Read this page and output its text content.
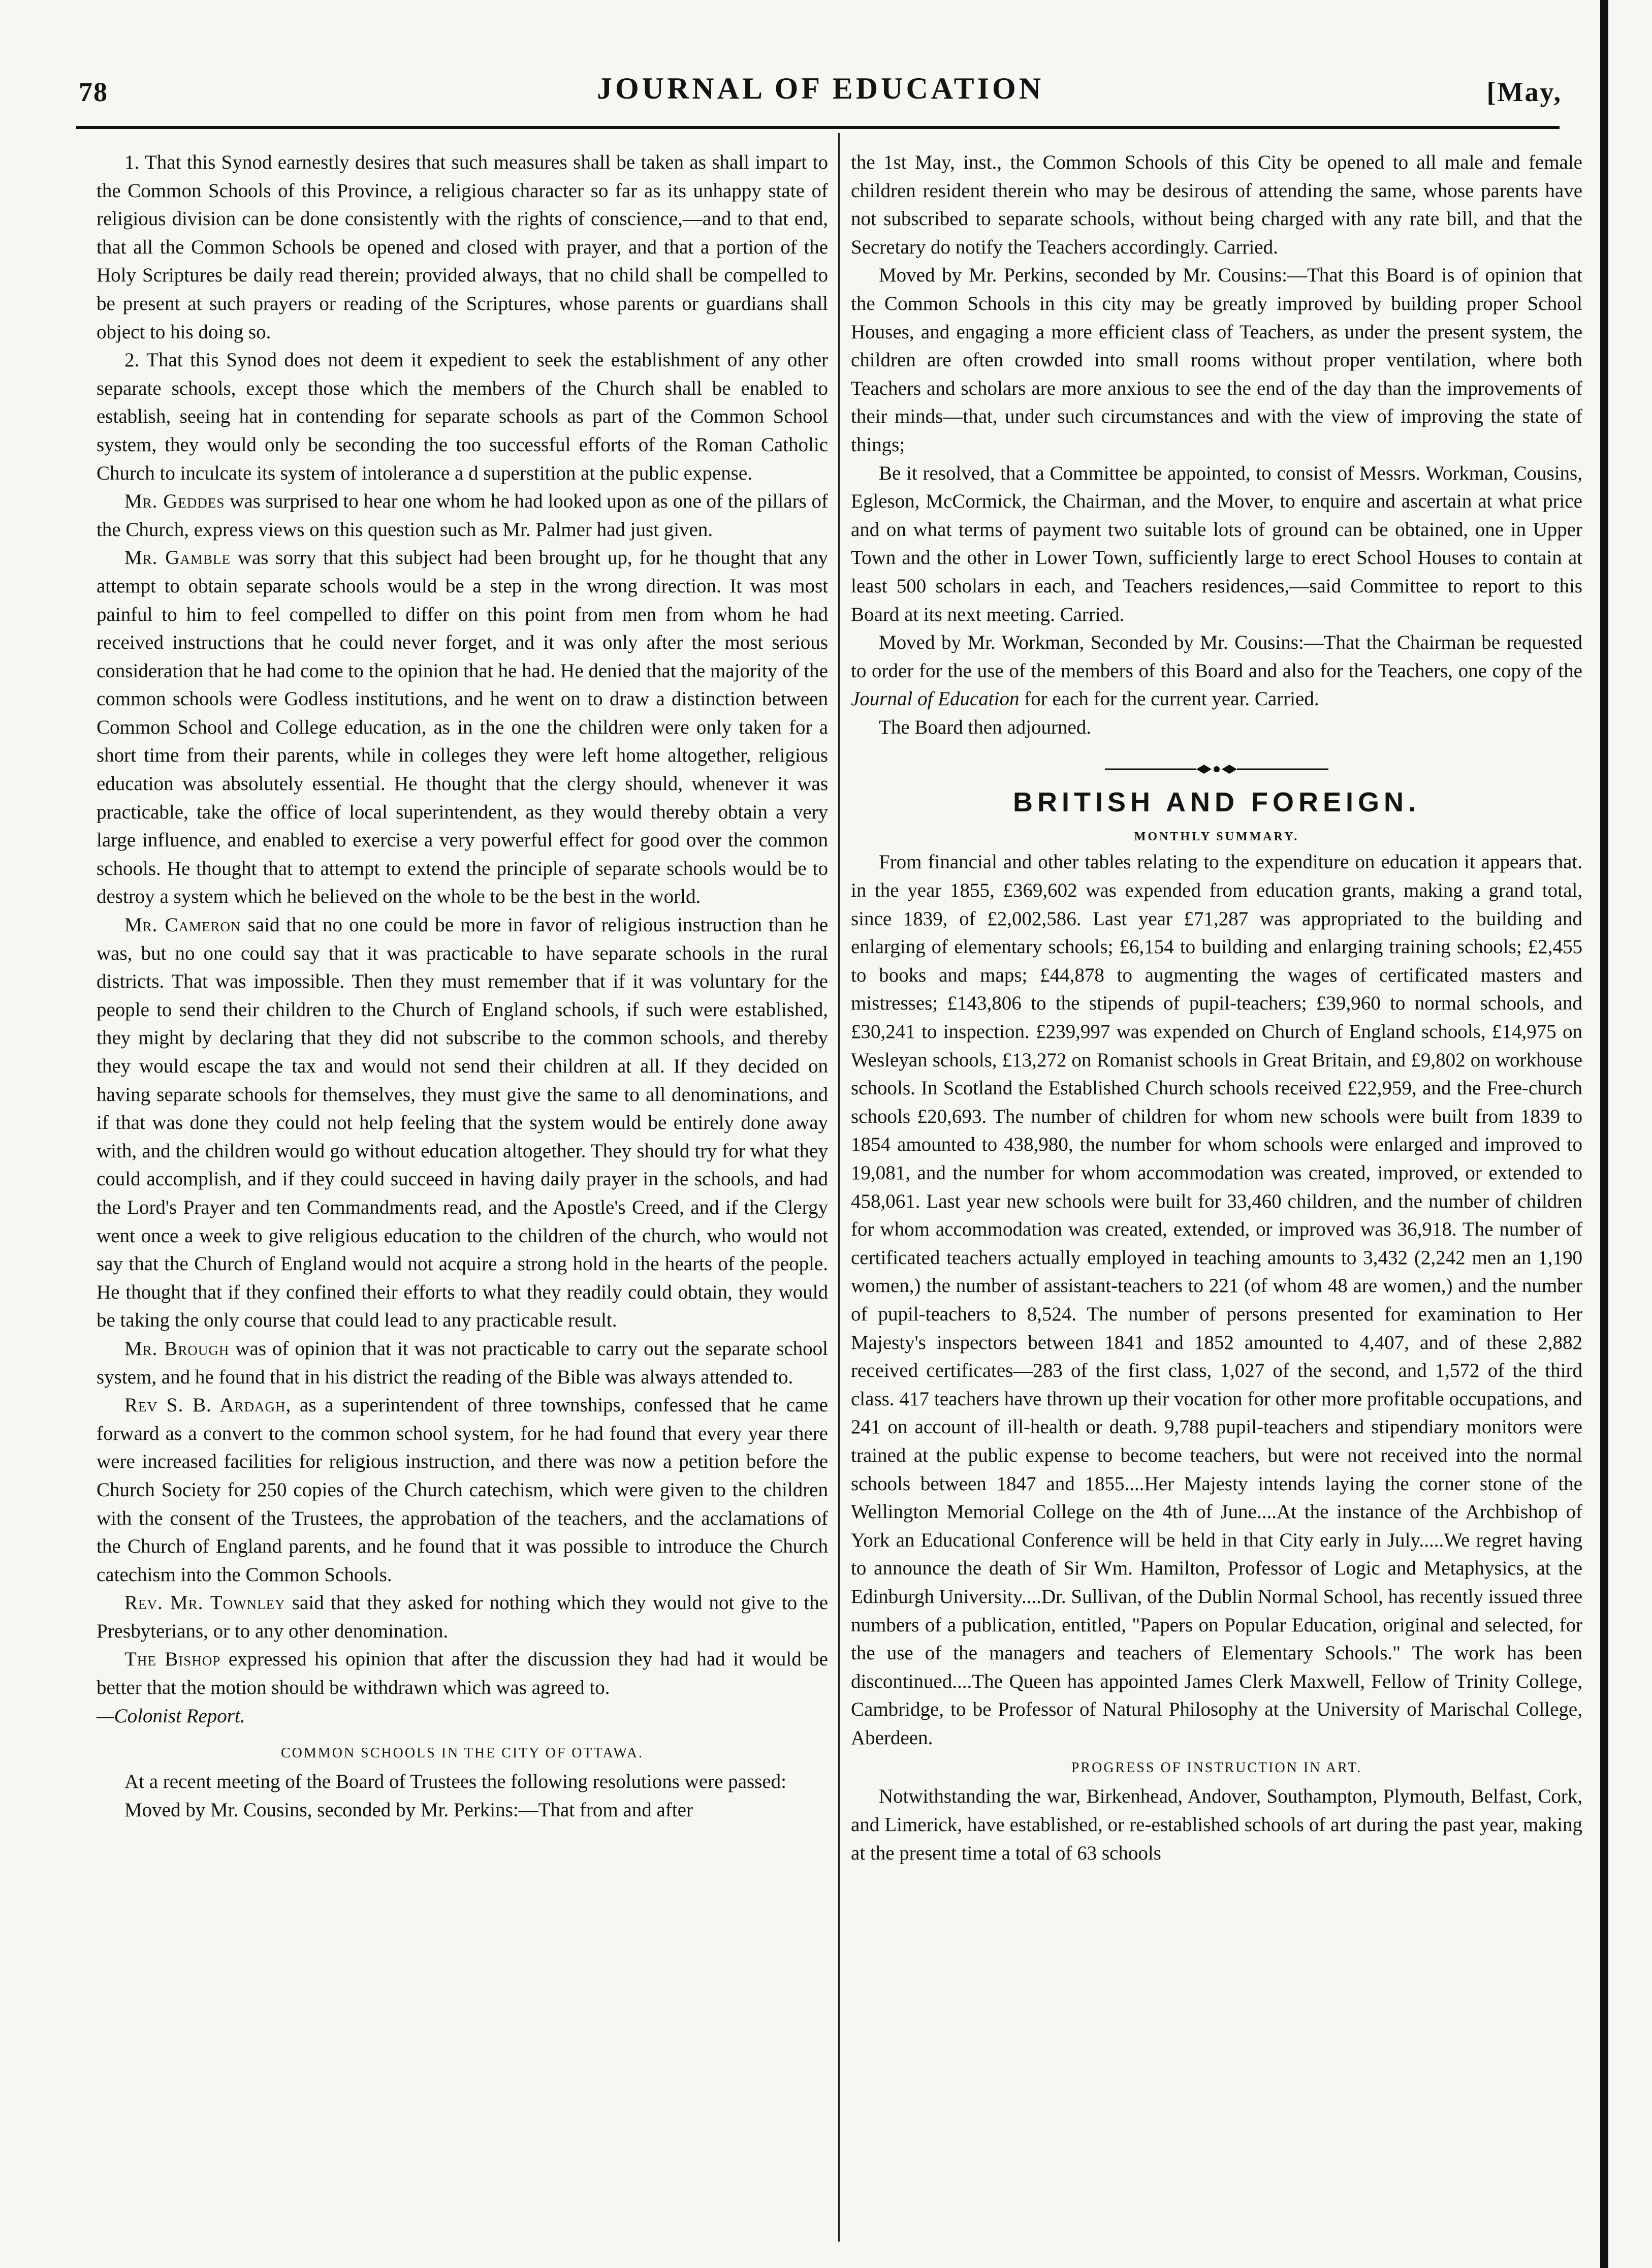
78	JOURNAL OF EDUCATION	[May,

1. That this Synod earnestly desires that such measures shall be taken as shall impart to the Common Schools of this Province, a religious character so far as its unhappy state of religious division can be done consistently with the rights of conscience,—and to that end, that all the Common Schools be opened and closed with prayer, and that a portion of the Holy Scriptures be daily read therein; provided always, that no child shall be compelled to be present at such prayers or reading of the Scriptures, whose parents or guardians shall object to his doing so.

2. That this Synod does not deem it expedient to seek the establishment of any other separate schools, except those which the members of the Church shall be enabled to establish, seeing hat in contending for separate schools as part of the Common School system, they would only be seconding the too successful efforts of the Roman Catholic Church to inculcate its system of intolerance a d superstition at the public expense.

Mr. Geddes was surprised to hear one whom he had looked upon as one of the pillars of the Church, express views on this question such as Mr. Palmer had just given.

Mr. Gamble was sorry that this subject had been brought up, for he thought that any attempt to obtain separate schools would be a step in the wrong direction. It was most painful to him to feel compelled to differ on this point from men from whom he had received instructions that he could never forget, and it was only after the most serious consideration that he had come to the opinion that he had. He denied that the majority of the common schools were Godless institutions, and he went on to draw a distinction between Common School and College education, as in the one the children were only taken for a short time from their parents, while in colleges they were left home altogether, religious education was absolutely essential. He thought that the clergy should, whenever it was practicable, take the office of local superintendent, as they would thereby obtain a very large influence, and enabled to exercise a very powerful effect for good over the common schools. He thought that to attempt to extend the principle of separate schools would be to destroy a system which he believed on the whole to be the best in the world.

Mr. Cameron said that no one could be more in favor of religious instruction than he was, but no one could say that it was practicable to have separate schools in the rural districts. That was impossible. Then they must remember that if it was voluntary for the people to send their children to the Church of England schools, if such were established, they might by declaring that they did not subscribe to the common schools, and thereby they would escape the tax and would not send their children at all. If they decided on having separate schools for themselves, they must give the same to all denominations, and if that was done they could not help feeling that the system would be entirely done away with, and the children would go without education altogether. They should try for what they could accomplish, and if they could succeed in having daily prayer in the schools, and had the Lord's Prayer and ten Commandments read, and the Apostle's Creed, and if the Clergy went once a week to give religious education to the children of the church, who would not say that the Church of England would not acquire a strong hold in the hearts of the people. He thought that if they confined their efforts to what they readily could obtain, they would be taking the only course that could lead to any practicable result.

Mr. Brough was of opinion that it was not practicable to carry out the separate school system, and he found that in his district the reading of the Bible was always attended to.

Rev S. B. Ardagh, as a superintendent of three townships, confessed that he came forward as a convert to the common school system, for he had found that every year there were increased facilities for religious instruction, and there was now a petition before the Church Society for 250 copies of the Church catechism, which were given to the children with the consent of the Trustees, the approbation of the teachers, and the acclamations of the Church of England parents, and he found that it was possible to introduce the Church catechism into the Common Schools.

Rev. Mr. Townley said that they asked for nothing which they would not give to the Presbyterians, or to any other denomination.

The Bishop expressed his opinion that after the discussion they had had it would be better that the motion should be withdrawn which was agreed to.

—Colonist Report.

COMMON SCHOOLS IN THE CITY OF OTTAWA.

At a recent meeting of the Board of Trustees the following resolutions were passed:

Moved by Mr. Cousins, seconded by Mr. Perkins:—That from and after

the 1st May, inst., the Common Schools of this City be opened to all male and female children resident therein who may be desirous of attending the same, whose parents have not subscribed to separate schools, without being charged with any rate bill, and that the Secretary do notify the Teachers accordingly. Carried.

Moved by Mr. Perkins, seconded by Mr. Cousins:—That this Board is of opinion that the Common Schools in this city may be greatly improved by building proper School Houses, and engaging a more efficient class of Teachers, as under the present system, the children are often crowded into small rooms without proper ventilation, where both Teachers and scholars are more anxious to see the end of the day than the improvements of their minds—that, under such circumstances and with the view of improving the state of things;

Be it resolved, that a Committee be appointed, to consist of Messrs. Workman, Cousins, Egleson, McCormick, the Chairman, and the Mover, to enquire and ascertain at what price and on what terms of payment two suitable lots of ground can be obtained, one in Upper Town and the other in Lower Town, sufficiently large to erect School Houses to contain at least 500 scholars in each, and Teachers residences,—said Committee to report to this Board at its next meeting. Carried.

Moved by Mr. Workman, Seconded by Mr. Cousins:—That the Chairman be requested to order for the use of the members of this Board and also for the Teachers, one copy of the Journal of Education for each for the current year. Carried.

The Board then adjourned.

BRITISH AND FOREIGN.
MONTHLY SUMMARY.

From financial and other tables relating to the expenditure on education it appears that. in the year 1855, £369,602 was expended from education grants, making a grand total, since 1839, of £2,002,586. Last year £71,287 was appropriated to the building and enlarging of elementary schools; £6,154 to building and enlarging training schools; £2,455 to books and maps; £44,878 to augmenting the wages of certificated masters and mistresses; £143,806 to the stipends of pupil-teachers; £39,960 to normal schools, and £30,241 to inspection. £239,997 was expended on Church of England schools, £14,975 on Wesleyan schools, £13,272 on Romanist schools in Great Britain, and £9,802 on workhouse schools. In Scotland the Established Church schools received £22,959, and the Free-church schools £20,693. The number of children for whom new schools were built from 1839 to 1854 amounted to 438,980, the number for whom schools were enlarged and improved to 19,081, and the number for whom accommodation was created, improved, or extended to 458,061. Last year new schools were built for 33,460 children, and the number of children for whom accommodation was created, extended, or improved was 36,918. The number of certificated teachers actually employed in teaching amounts to 3,432 (2,242 men an 1,190 women,) the number of assistant-teachers to 221 (of whom 48 are women,) and the number of pupil-teachers to 8,524. The number of persons presented for examination to Her Majesty's inspectors between 1841 and 1852 amounted to 4,407, and of these 2,882 received certificates—283 of the first class, 1,027 of the second, and 1,572 of the third class. 417 teachers have thrown up their vocation for other more profitable occupations, and 241 on account of ill-health or death. 9,788 pupil-teachers and stipendiary monitors were trained at the public expense to become teachers, but were not received into the normal schools between 1847 and 1855....Her Majesty intends laying the corner stone of the Wellington Memorial College on the 4th of June....At the instance of the Archbishop of York an Educational Conference will be held in that City early in July.....We regret having to announce the death of Sir Wm. Hamilton, Professor of Logic and Metaphysics, at the Edinburgh University....Dr. Sullivan, of the Dublin Normal School, has recently issued three numbers of a publication, entitled, "Papers on Popular Education, original and selected, for the use of the managers and teachers of Elementary Schools." The work has been discontinued....The Queen has appointed James Clerk Maxwell, Fellow of Trinity College, Cambridge, to be Professor of Natural Philosophy at the University of Marischal College, Aberdeen.

PROGRESS OF INSTRUCTION IN ART.

Notwithstanding the war, Birkenhead, Andover, Southampton, Plymouth, Belfast, Cork, and Limerick, have established, or re-established schools of art during the past year, making at the present time a total of 63 schools
